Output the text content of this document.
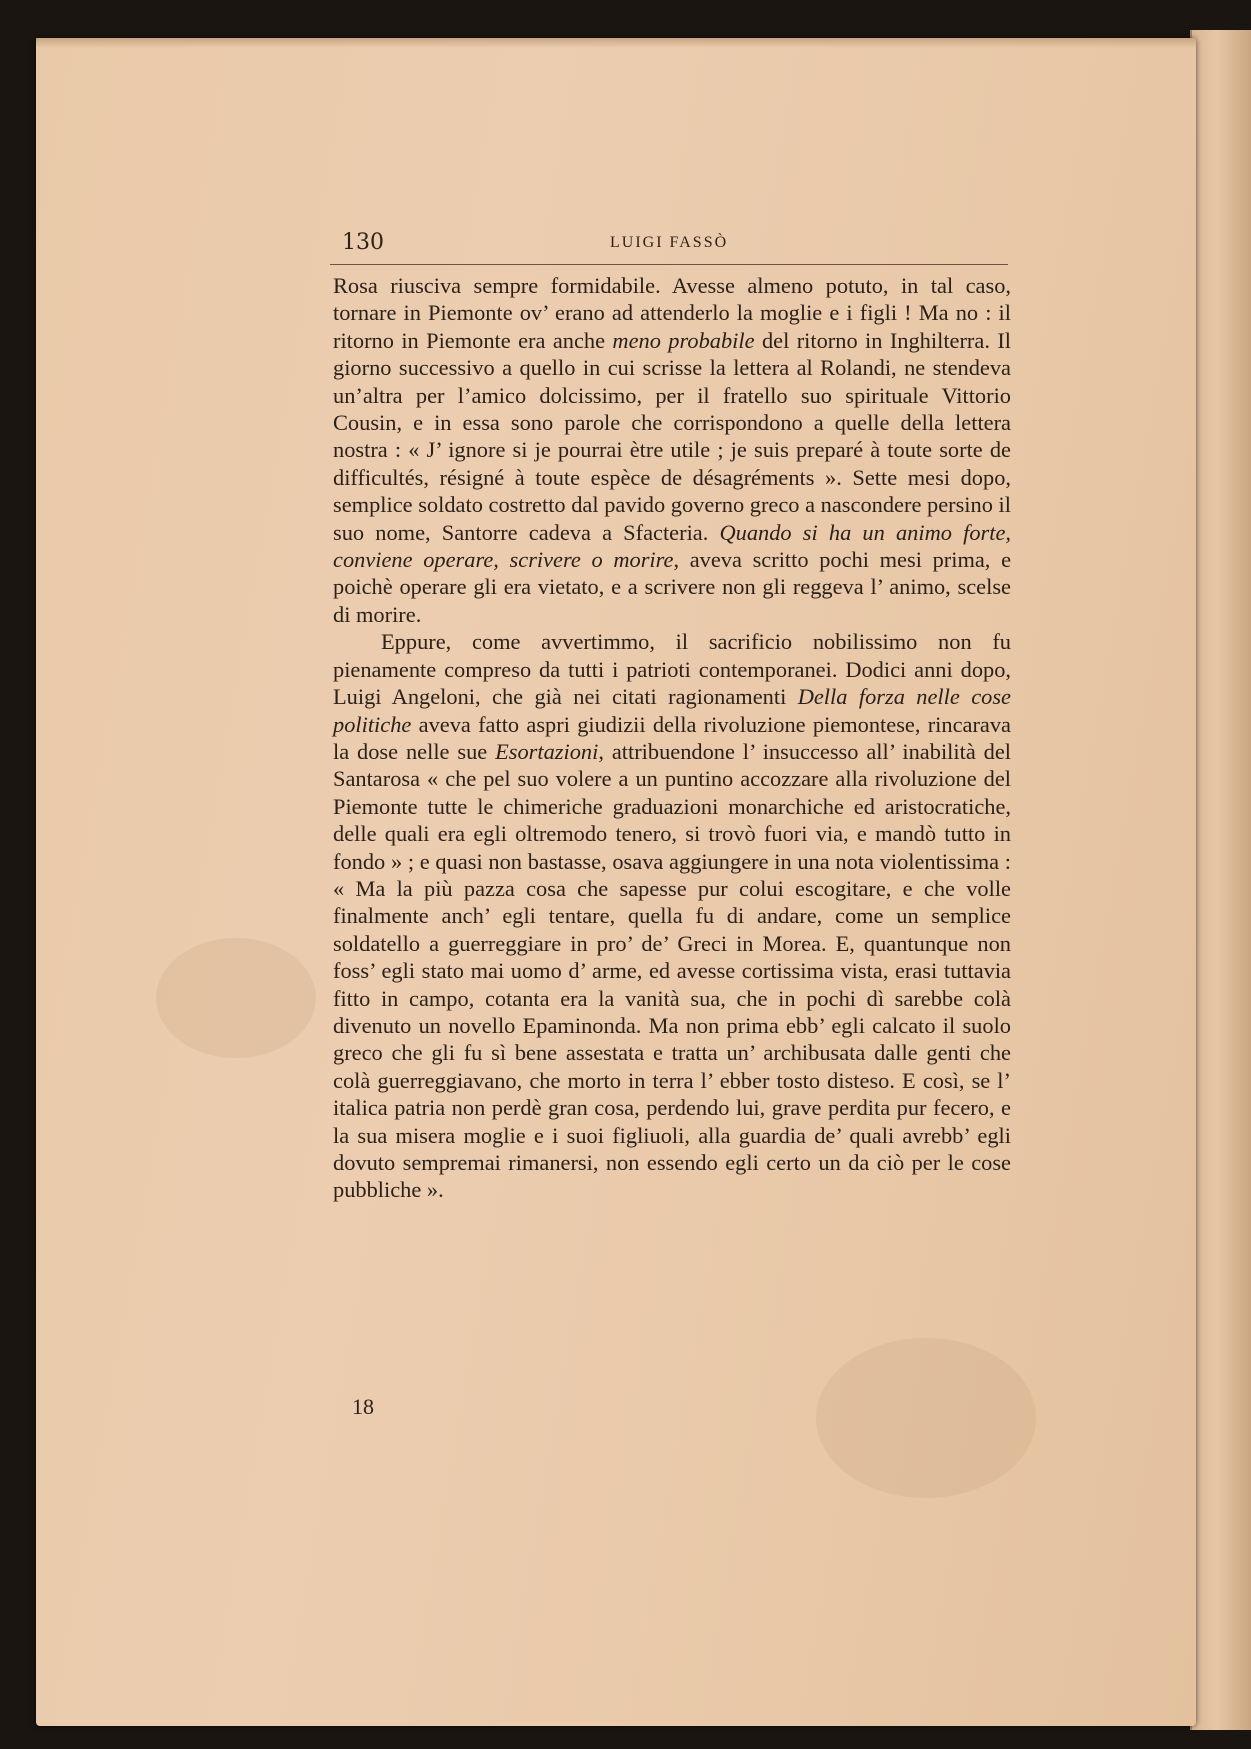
130	LUIGI FASSÒ

Rosa riusciva sempre formidabile. Avesse almeno potuto, in tal caso, tornare in Piemonte ov’ erano ad attenderlo la moglie e i figli ! Ma no : il ritorno in Piemonte era anche meno probabile del ritorno in Inghilterra. Il giorno successivo a quello in cui scrisse la lettera al Rolandi, ne stendeva un’altra per l’amico dolcissimo, per il fratello suo spirituale Vittorio Cousin, e in essa sono parole che corrispondono a quelle della lettera nostra : « J’ ignore si je pourrai ètre utile ; je suis preparé à toute sorte de difficultés, résigné à toute espèce de désagréments ». Sette mesi dopo, semplice soldato costretto dal pavido governo greco a nascondere persino il suo nome, Santorre cadeva a Sfacteria. Quando si ha un animo forte, conviene operare, scrivere o morire, aveva scritto pochi mesi prima, e poichè operare gli era vietato, e a scrivere non gli reggeva l’ animo, scelse di morire.

Eppure, come avvertimmo, il sacrificio nobilissimo non fu pienamente compreso da tutti i patrioti contemporanei. Dodici anni dopo, Luigi Angeloni, che già nei citati ragionamenti Della forza nelle cose politiche aveva fatto aspri giudizii della rivoluzione piemontese, rincarava la dose nelle sue Esortazioni, attribuendone l’ insuccesso all’ inabilità del Santarosa « che pel suo volere a un puntino accozzare alla rivoluzione del Piemonte tutte le chimeriche graduazioni monarchiche ed aristocratiche, delle quali era egli oltremodo tenero, si trovò fuori via, e mandò tutto in fondo » ; e quasi non bastasse, osava aggiungere in una nota violentissima : « Ma la più pazza cosa che sapesse pur colui escogitare, e che volle finalmente anch’ egli tentare, quella fu di andare, come un semplice soldatello a guerreggiare in pro’ de’ Greci in Morea. E, quantunque non foss’ egli stato mai uomo d’ arme, ed avesse cortissima vista, erasi tuttavia fitto in campo, cotanta era la vanità sua, che in pochi dì sarebbe colà divenuto un novello Epaminonda. Ma non prima ebb’ egli calcato il suolo greco che gli fu sì bene assestata e tratta un’ archibusata dalle genti che colà guerreggiavano, che morto in terra l’ ebber tosto disteso. E così, se l’ italica patria non perdè gran cosa, perdendo lui, grave perdita pur fecero, e la sua misera moglie e i suoi figliuoli, alla guardia de’ quali avrebb’ egli dovuto sempremai rimanersi, non essendo egli certo un da ciò per le cose pubbliche ».

18
